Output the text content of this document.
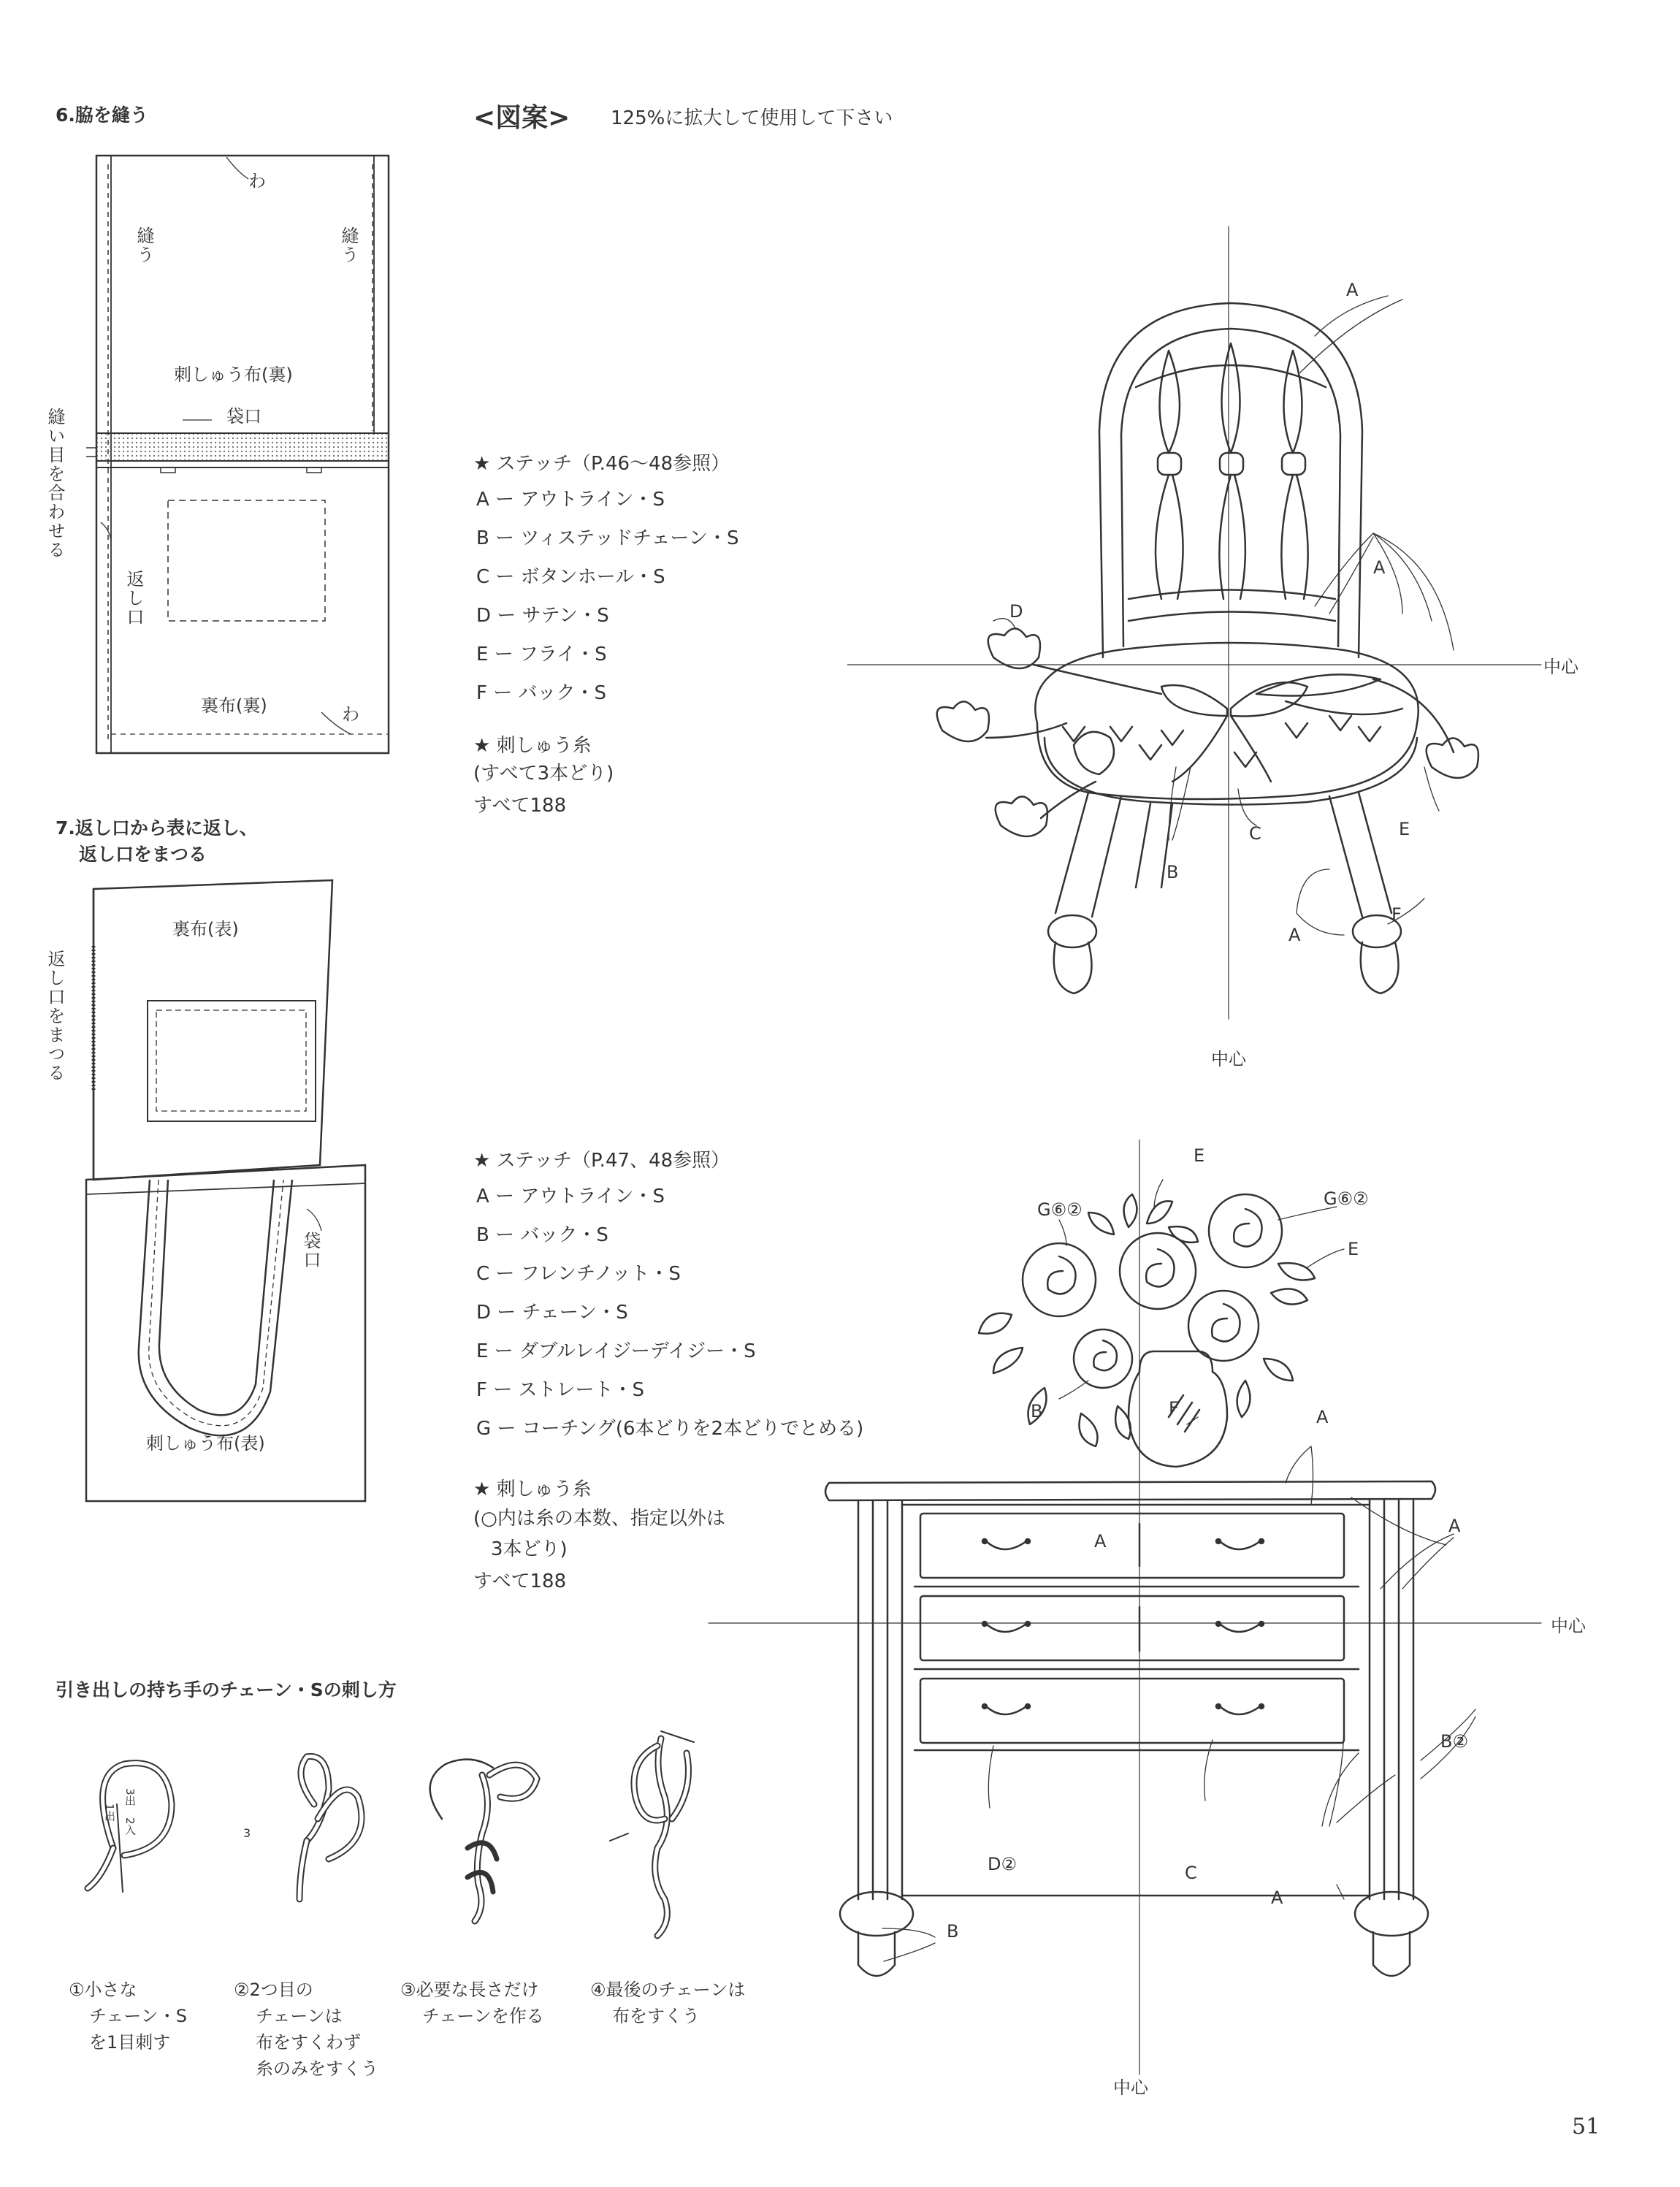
6.脇を縫う
わ
縫う	縫う
刺しゅう布(裏)
袋口
縫い目を合わせる
返し口
裏布(裏)	わ
7.返し口から表に返し、
返し口をまつる
裏布(表)
返し口をまつる
袋口
刺しゅう布(表)
<図案> 125%に拡大して使用して下さい
★ ステッチ（P.46〜48参照）
A ー アウトライン・S
B ー ツィステッドチェーン・S
C ー ボタンホール・S
D ー サテン・S
E ー フライ・S
F ー バック・S
★ 刺しゅう糸
(すべて3本どり)
すべて188
A
A
D
中心
B
C	E
A
F
中心
★ ステッチ（P.47、48参照）
A ー アウトライン・S
B ー バック・S
C ー フレンチノット・S
D ー チェーン・S
E ー ダブルレイジーデイジー・S
F ー ストレート・S
G ー コーチング(6本どりを2本どりでとめる)
★ 刺しゅう糸
(○内は糸の本数、指定以外は
3本どり)
すべて188
E
G⑥②
G⑥②
E
B	F	A
A
A
中心
B②
D②	C
A
B
中心
引き出しの持ち手のチェーン・Sの刺し方
1出
3出
2入	3
①小さな
チェーン・S
を1目刺す
②2つ目の
チェーンは
布をすくわず
糸のみをすくう
③必要な長さだけ
チェーンを作る
④最後のチェーンは
布をすくう
51
